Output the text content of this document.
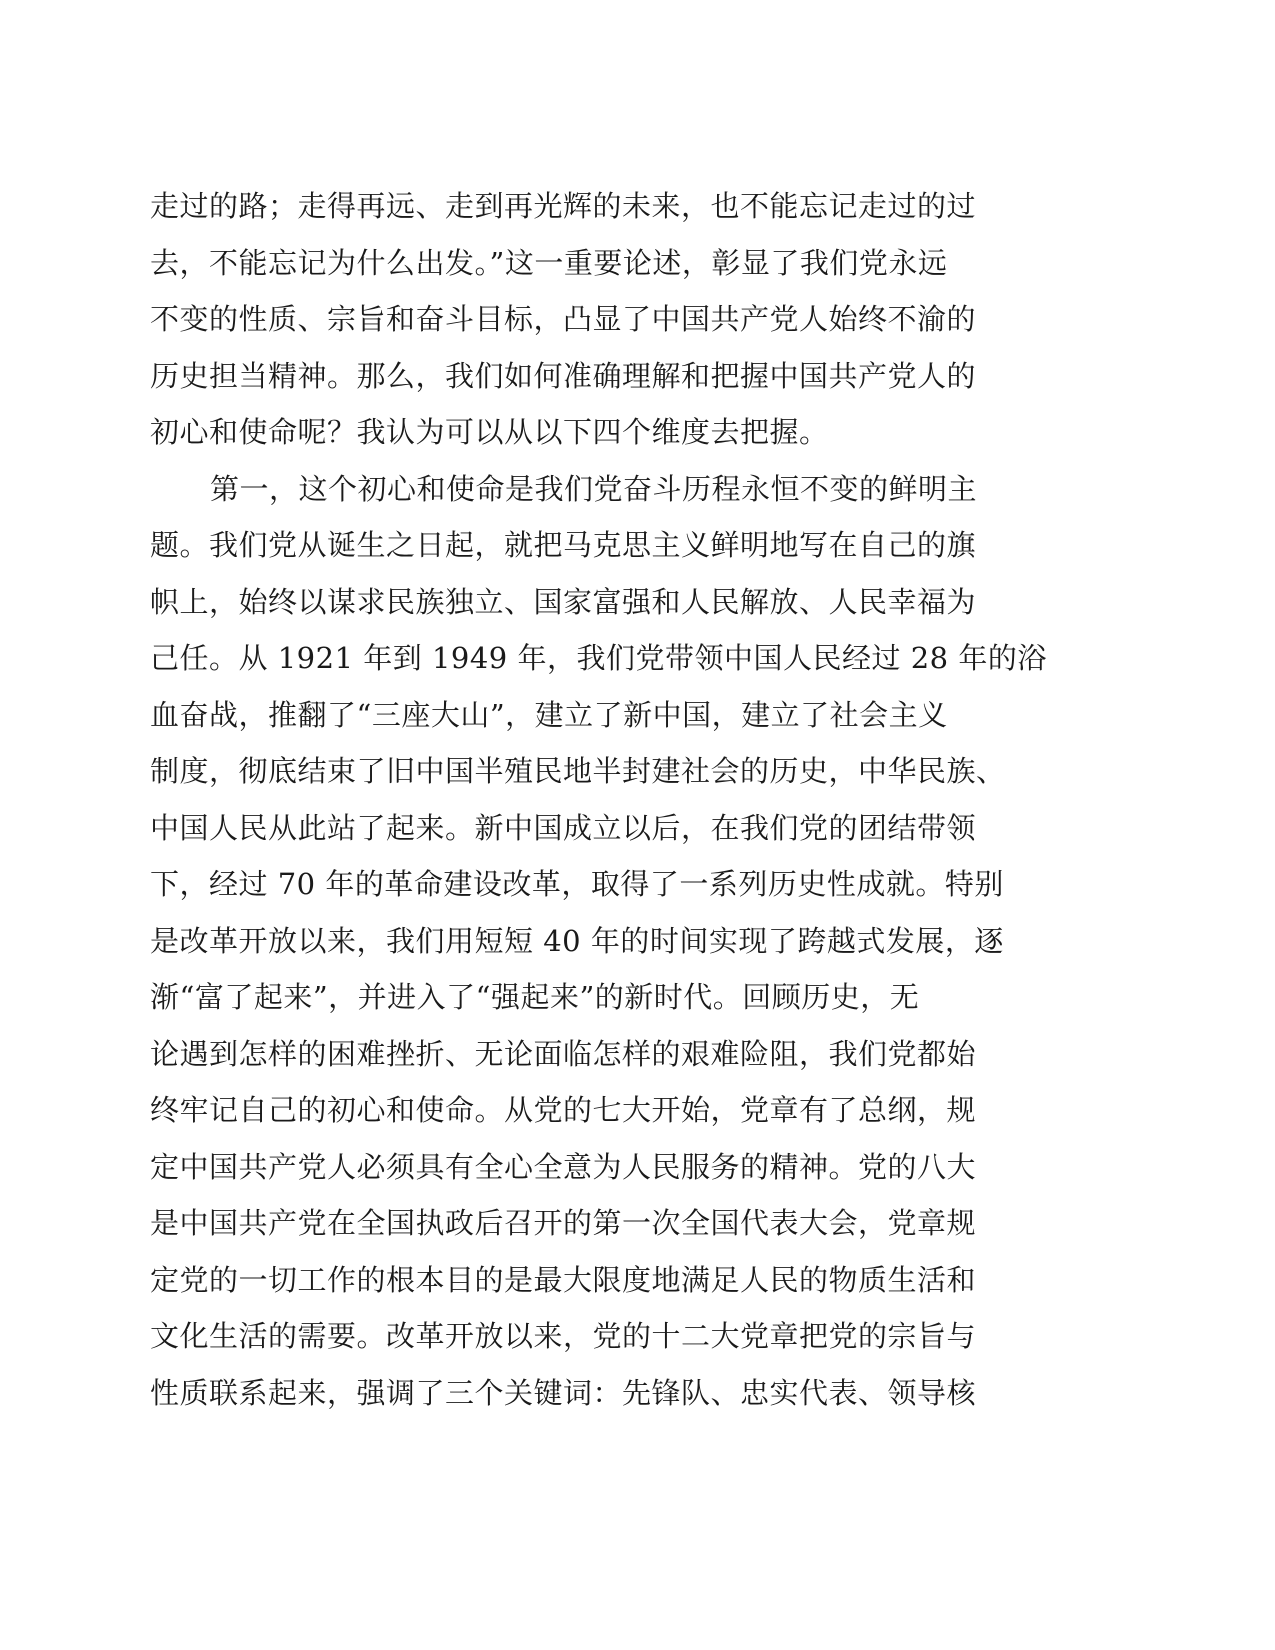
走过的路；走得再远、走到再光辉的未来，也不能忘记走过的过
去，不能忘记为什么出发。”这一重要论述，彰显了我们党永远
不变的性质、宗旨和奋斗目标，凸显了中国共产党人始终不渝的
历史担当精神。那么，我们如何准确理解和把握中国共产党人的
初心和使命呢？我认为可以从以下四个维度去把握。
第一，这个初心和使命是我们党奋斗历程永恒不变的鲜明主
题。我们党从诞生之日起，就把马克思主义鲜明地写在自己的旗
帜上，始终以谋求民族独立、国家富强和人民解放、人民幸福为
己任。从 1921 年到 1949 年，我们党带领中国人民经过 28 年的浴
血奋战，推翻了“三座大山”，建立了新中国，建立了社会主义
制度，彻底结束了旧中国半殖民地半封建社会的历史，中华民族、
中国人民从此站了起来。新中国成立以后，在我们党的团结带领
下，经过 70 年的革命建设改革，取得了一系列历史性成就。特别
是改革开放以来，我们用短短 40 年的时间实现了跨越式发展，逐
渐“富了起来”，并进入了“强起来”的新时代。回顾历史，无
论遇到怎样的困难挫折、无论面临怎样的艰难险阻，我们党都始
终牢记自己的初心和使命。从党的七大开始，党章有了总纲，规
定中国共产党人必须具有全心全意为人民服务的精神。党的八大
是中国共产党在全国执政后召开的第一次全国代表大会，党章规
定党的一切工作的根本目的是最大限度地满足人民的物质生活和
文化生活的需要。改革开放以来，党的十二大党章把党的宗旨与
性质联系起来，强调了三个关键词：先锋队、忠实代表、领导核
